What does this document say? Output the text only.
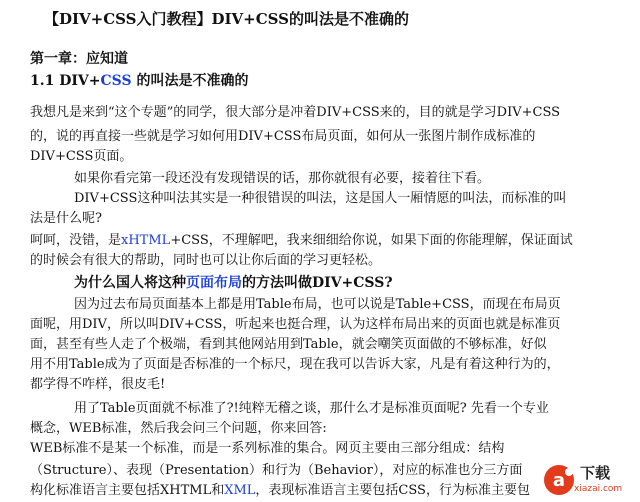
【DIV+CSS入门教程】DIV+CSS的叫法是不准确的
第一章：应知道
1.1 DIV+CSS 的叫法是不准确的
我想凡是来到“这个专题”的同学，很大部分是冲着DIV+CSS来的，目的就是学习DIV+CSS
的，说的再直接一些就是学习如何用DIV+CSS布局页面，如何从一张图片制作成标准的
DIV+CSS页面。
如果你看完第一段还没有发现错误的话，那你就很有必要，接着往下看。
DIV+CSS这种叫法其实是一种很错误的叫法，这是国人一厢情愿的叫法，而标准的叫
法是什么呢?
呵呵，没错，是xHTML+CSS，不理解吧，我来细细给你说，如果下面的你能理解，保证面试
的时候会有很大的帮助，同时也可以让你后面的学习更轻松。
为什么国人将这种页面布局的方法叫做DIV+CSS?
因为过去布局页面基本上都是用Table布局，也可以说是Table+CSS，而现在布局页
面呢，用DIV，所以叫DIV+CSS，听起来也挺合理，认为这样布局出来的页面也就是标准页
面，甚至有些人走了个极端，看到其他网站用到Table，就会嘲笑页面做的不够标准，好似
用不用Table成为了页面是否标准的一个标尺，现在我可以告诉大家，凡是有着这种行为的，
都学得不咋样，很皮毛!
用了Table页面就不标准了?!纯粹无稽之谈，那什么才是标准页面呢? 先看一个专业
概念，WEB标准，然后我会问三个问题，你来回答:
WEB标准不是某一个标准，而是一系列标准的集合。网页主要由三部分组成：结构
（Structure）、表现（Presentation）和行为（Behavior），对应的标准也分三方面
构化标准语言主要包括XHTML和XML，表现标准语言主要包括CSS，行为标准主要包	a 下载
xiazai.com
